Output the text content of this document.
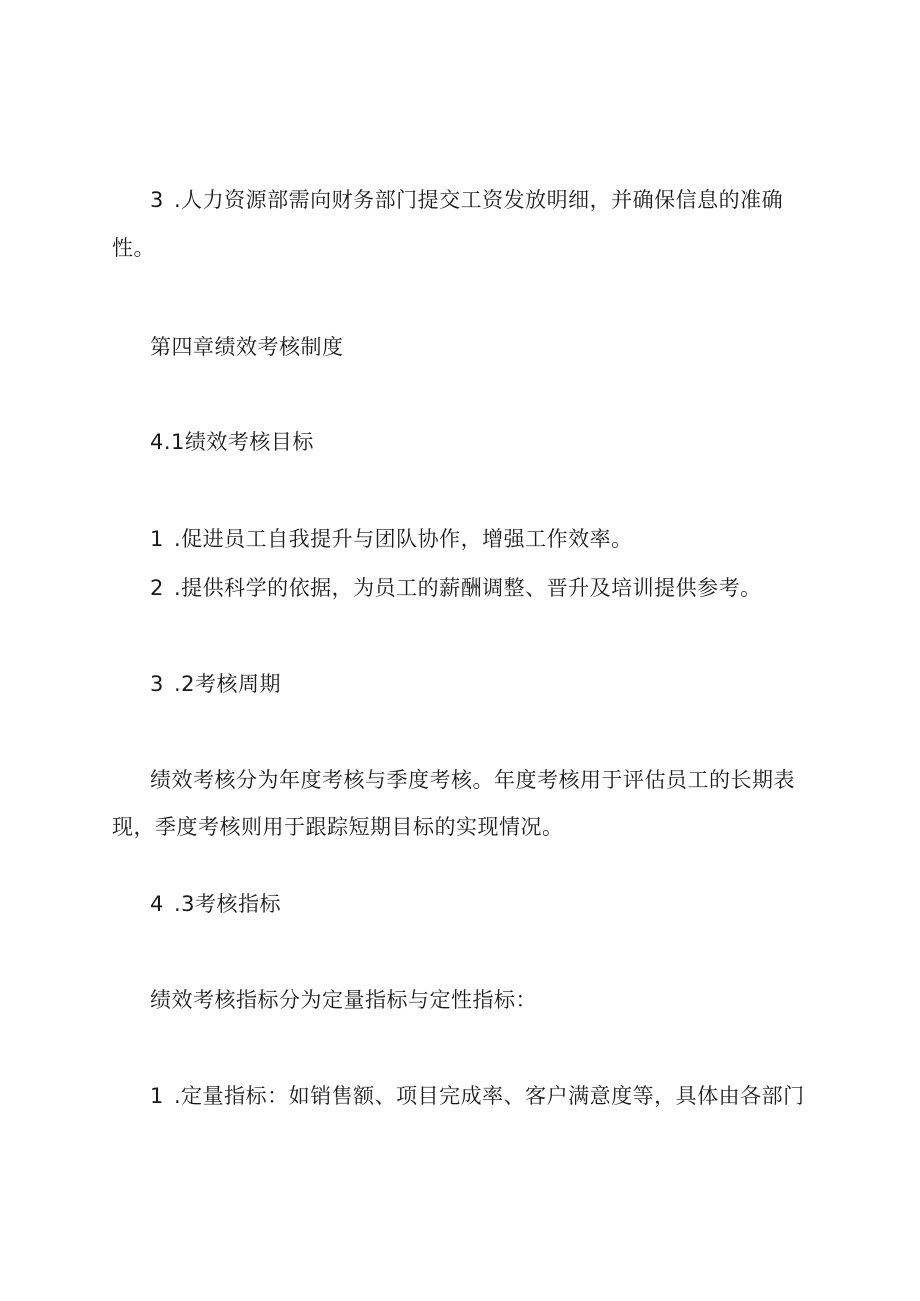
3 .人力资源部需向财务部门提交工资发放明细，并确保信息的准确
性。
第四章绩效考核制度
4.1绩效考核目标
1 .促进员工自我提升与团队协作，增强工作效率。
2 .提供科学的依据，为员工的薪酬调整、晋升及培训提供参考。
3 .2考核周期
绩效考核分为年度考核与季度考核。年度考核用于评估员工的长期表
现，季度考核则用于跟踪短期目标的实现情况。
4 .3考核指标
绩效考核指标分为定量指标与定性指标：
1 .定量指标：如销售额、项目完成率、客户满意度等，具体由各部门
